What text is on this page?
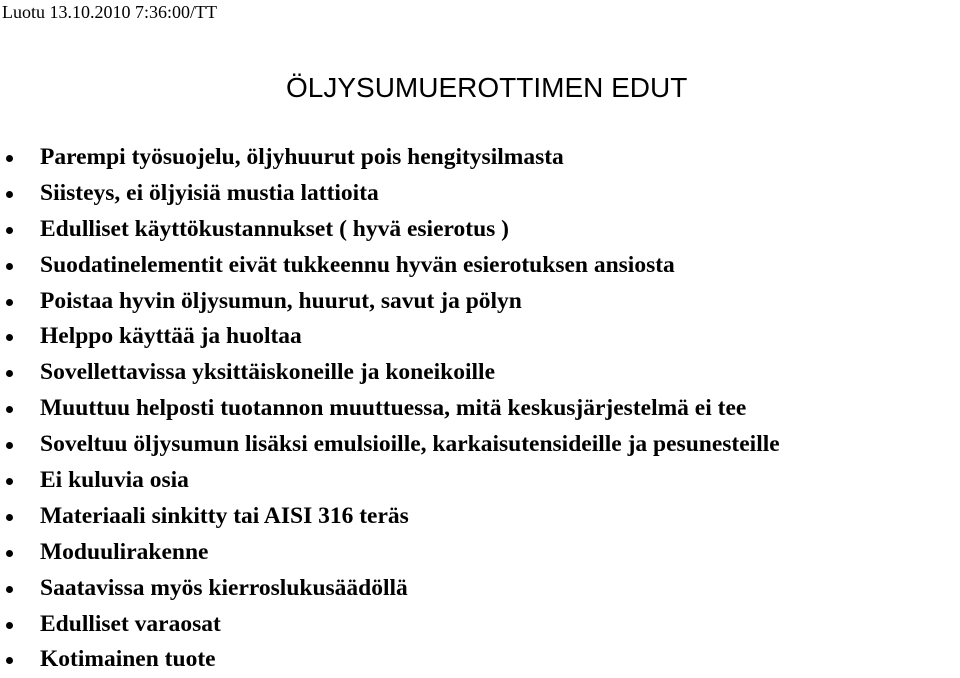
Luotu 13.10.2010 7:36:00/TT
ÖLJYSUMUEROTTIMEN EDUT
Parempi työsuojelu, öljyhuurut pois hengitysilmasta
Siisteys, ei öljyisiä mustia lattioita
Edulliset käyttökustannukset ( hyvä esierotus )
Suodatinelementit eivät tukkeennu hyvän esierotuksen ansiosta
Poistaa hyvin öljysumun, huurut, savut ja pölyn
Helppo käyttää ja huoltaa
Sovellettavissa yksittäiskoneille ja koneikoille
Muuttuu helposti tuotannon muuttuessa, mitä keskusjärjestelmä ei tee
Soveltuu öljysumun lisäksi emulsioille, karkaisutensideille ja pesunesteille
Ei kuluvia osia
Materiaali sinkitty tai AISI 316 teräs
Moduulirakenne
Saatavissa myös kierroslukusäädöllä
Edulliset varaosat
Kotimainen tuote
